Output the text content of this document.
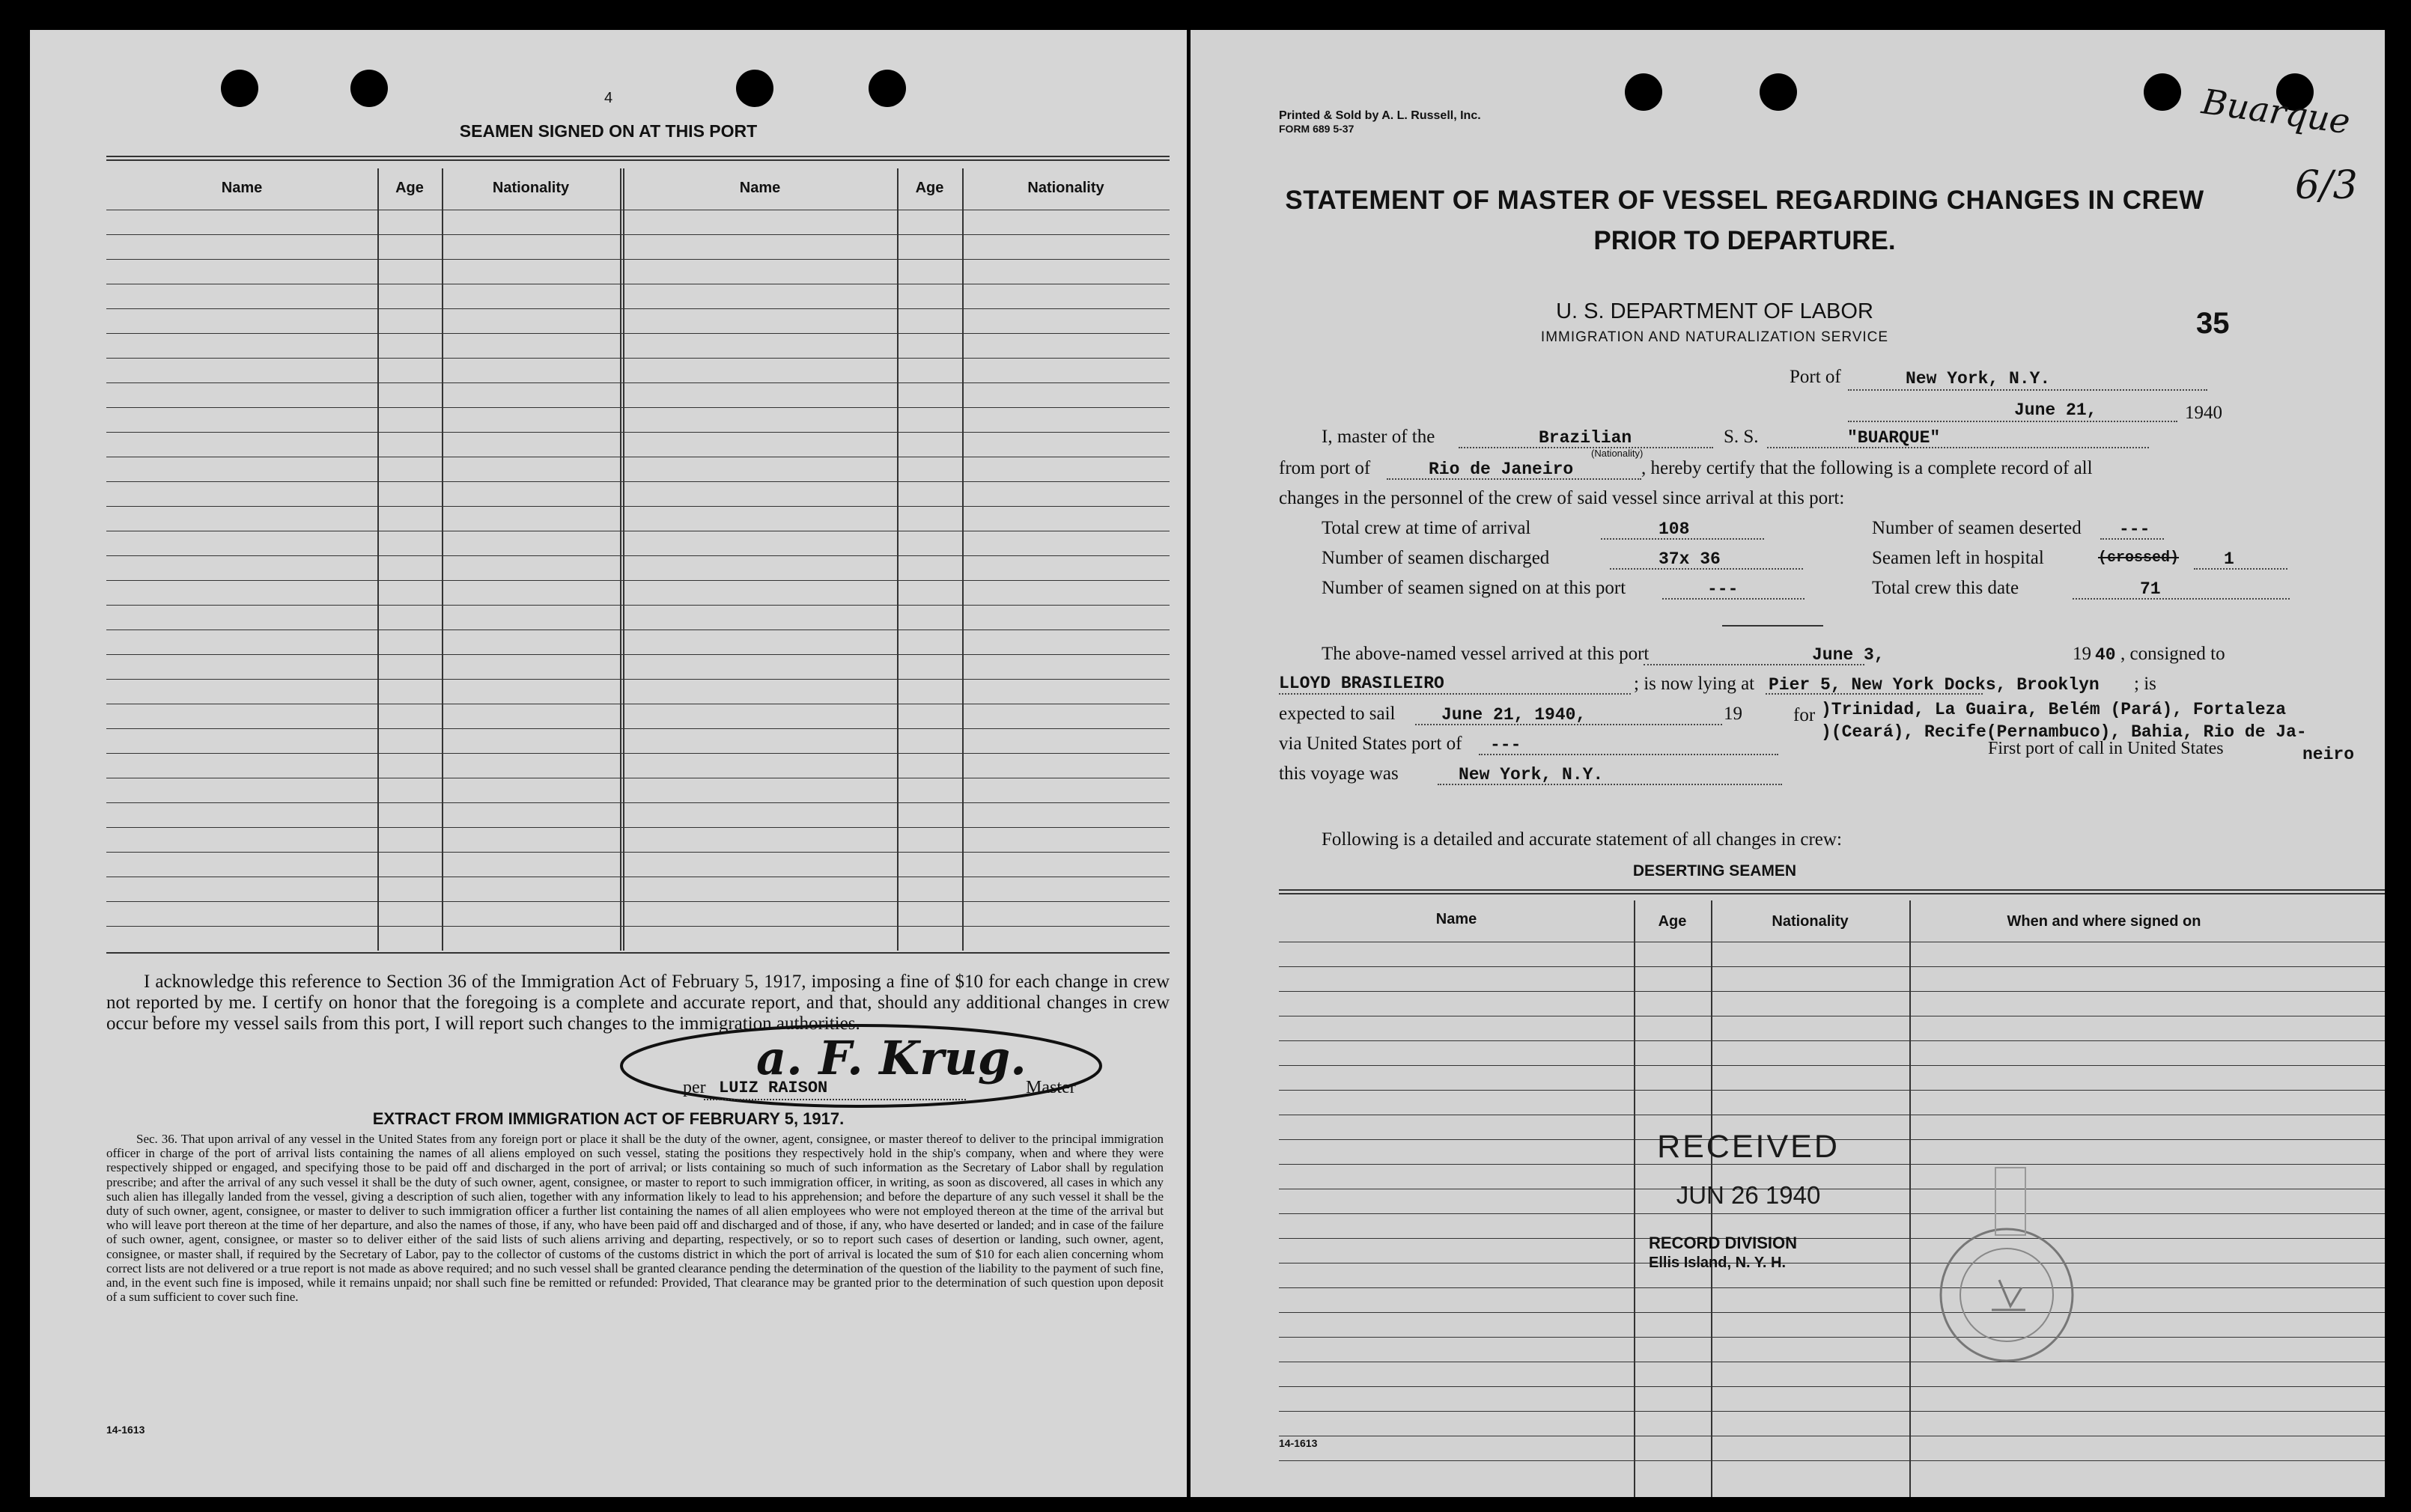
4
SEAMEN SIGNED ON AT THIS PORT
Name	Age	Nationality	Name	Age	Nationality
I acknowledge this reference to Section 36 of the Immigration Act of February 5, 1917, imposing a fine of $10 for each change in crew not reported by me. I certify on honor that the foregoing is a complete and accurate report, and that, should any additional changes in crew occur before my vessel sails from this port, I will report such changes to the immigration authorities.
a. F. Krug.
per LUIZ RAISON	Master
EXTRACT FROM IMMIGRATION ACT OF FEBRUARY 5, 1917.
Sec. 36. That upon arrival of any vessel in the United States from any foreign port or place it shall be the duty of the owner, agent, consignee, or master thereof to deliver to the principal immigration officer in charge of the port of arrival lists containing the names of all aliens employed on such vessel, stating the positions they respectively hold in the ship's company, when and where they were respectively shipped or engaged, and specifying those to be paid off and discharged in the port of arrival; or lists containing so much of such information as the Secretary of Labor shall by regulation prescribe; and after the arrival of any such vessel it shall be the duty of such owner, agent, consignee, or master to report to such immigration officer, in writing, as soon as discovered, all cases in which any such alien has illegally landed from the vessel, giving a description of such alien, together with any information likely to lead to his apprehension; and before the departure of any such vessel it shall be the duty of such owner, agent, consignee, or master to deliver to such immigration officer a further list containing the names of all alien employees who were not employed thereon at the time of the arrival but who will leave port thereon at the time of her departure, and also the names of those, if any, who have been paid off and discharged and of those, if any, who have deserted or landed; and in case of the failure of such owner, agent, consignee, or master so to deliver either of the said lists of such aliens arriving and departing, respectively, or so to report such cases of desertion or landing, such owner, agent, consignee, or master shall, if required by the Secretary of Labor, pay to the collector of customs of the customs district in which the port of arrival is located the sum of $10 for each alien concerning whom correct lists are not delivered or a true report is not made as above required; and no such vessel shall be granted clearance pending the determination of the question of the liability to the payment of such fine, and, in the event such fine is imposed, while it remains unpaid; nor shall such fine be remitted or refunded: Provided, That clearance may be granted prior to the determination of such question upon deposit of a sum sufficient to cover such fine.
14-1613
Printed & Sold by A. L. Russell, Inc.
FORM 689 5-37	Buarque
6/3
STATEMENT OF MASTER OF VESSEL REGARDING CHANGES IN CREW
PRIOR TO DEPARTURE.
U. S. DEPARTMENT OF LABOR
IMMIGRATION AND NATURALIZATION SERVICE	35
Port of	New York, N.Y.
June 21,	1940
I, master of the	Brazilian
(Nationality)
S. S.	"BUARQUE"
from port of	Rio de Janeiro	, hereby certify that the following is a complete record of all
changes in the personnel of the crew of said vessel since arrival at this port:
Total crew at time of arrival	108	Number of seamen deserted ---
Number of seamen discharged	37x 36	Seamen left in hospital	(crossed)	1
Number of seamen signed on at this port	---	Total crew this date	71
The above-named vessel arrived at this port	June 3,	19 40 , consigned to
LLOYD BRASILEIRO	; is now lying at Pier 5, New York Docks, Brooklyn ; is
expected to sail	June 21, 1940,	19	for )Trinidad, La Guaira, Belém (Pará), Fortaleza
)(Ceará), Recife(Pernambuco), Bahia, Rio de Ja-
neiro
via United States port of ---	First port of call in United States
this voyage was	New York, N.Y.
Following is a detailed and accurate statement of all changes in crew:
DESERTING SEAMEN
Name	Age	Nationality	When and where signed on
RECEIVED
JUN 26 1940
RECORD DIVISION
Ellis Island, N. Y. H.
14-1613
